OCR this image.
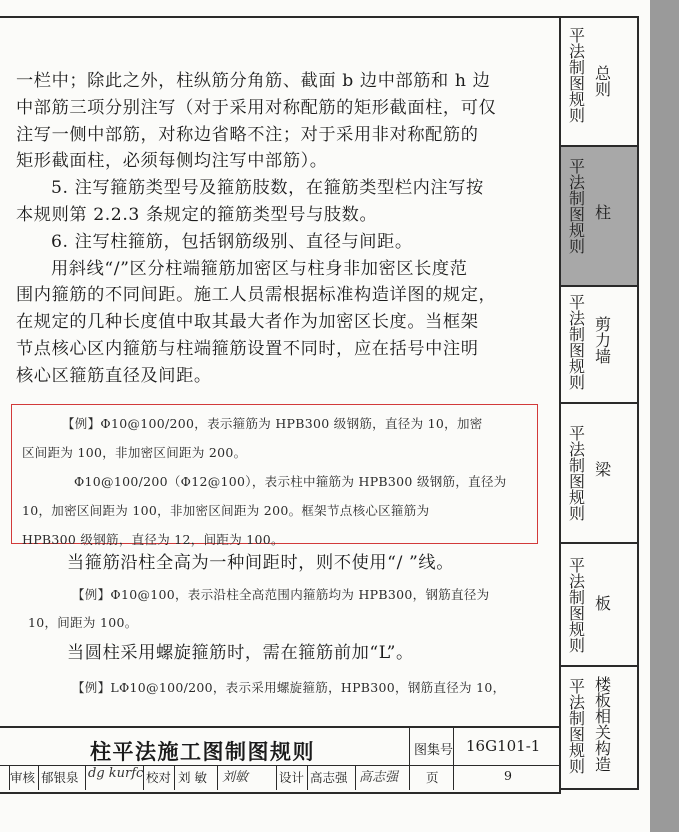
一栏中；除此之外，柱纵筋分角筋、截面 b 边中部筋和 h 边

中部筋三项分别注写（对于采用对称配筋的矩形截面柱，可仅

注写一侧中部筋，对称边省略不注；对于采用非对称配筋的

矩形截面柱，必须每侧均注写中部筋）。

5. 注写箍筋类型号及箍筋肢数，在箍筋类型栏内注写按

本规则第 2.2.3 条规定的箍筋类型号与肢数。

6. 注写柱箍筋，包括钢筋级别、直径与间距。

用斜线“/”区分柱端箍筋加密区与柱身非加密区长度范

围内箍筋的不同间距。施工人员需根据标准构造详图的规定，

在规定的几种长度值中取其最大者作为加密区长度。当框架

节点核心区内箍筋与柱端箍筋设置不同时，应在括号中注明

核心区箍筋直径及间距。

【例】Φ10@100/200，表示箍筋为 HPB300 级钢筋，直径为 10，加密

区间距为 100，非加密区间距为 200。

Φ10@100/200（Φ12@100），表示柱中箍筋为 HPB300 级钢筋，直径为

10，加密区间距为 100，非加密区间距为 200。框架节点核心区箍筋为

HPB300 级钢筋，直径为 12，间距为 100。

当箍筋沿柱全高为一种间距时，则不使用“/ ”线。

【例】Φ10@100，表示沿柱全高范围内箍筋均为 HPB300，钢筋直径为

10，间距为 100。

当圆柱采用螺旋箍筋时，需在箍筋前加“L”。

【例】LΦ10@100/200，表示采用螺旋箍筋，HPB300，钢筋直径为 10，

柱平法施工图制图规则	图集号 16G101-1
页	9
审核 郁银泉 dg kurfc 校对 刘 敏 刘敏 设计 高志强 高志强
平法制图规则
总则
平法制图规则
柱
平法制图规则
剪力墙
平法制图规则
梁
平法制图规则
板
平法制图规则
楼板相关构造
